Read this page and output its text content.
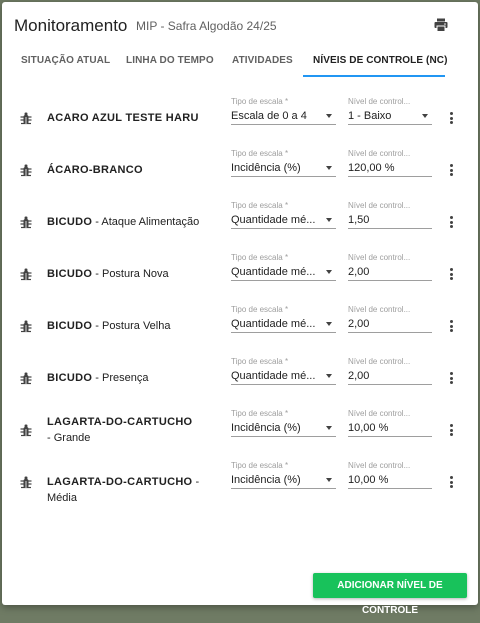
Monitoramento MIP - Safra Algodão 24/25
SITUAÇÃO ATUAL LINHA DO TEMPO ATIVIDADES NÍVEIS DE CONTROLE (NC)
ACARO AZUL TESTE HARU
Tipo de escala *
Escala de 0 a 4
Nível de control...
1 - Baixo
ÁCARO-BRANCO
Tipo de escala *
Incidência (%)
Nível de control...
120,00 %
BICUDO - Ataque Alimentação
Tipo de escala *
Quantidade mé...
Nível de control...
1,50
BICUDO - Postura Nova
Tipo de escala *
Quantidade mé...
Nível de control...
2,00
BICUDO - Postura Velha
Tipo de escala *
Quantidade mé...
Nível de control...
2,00
BICUDO - Presença
Tipo de escala *
Quantidade mé...
Nível de control...
2,00
LAGARTA-DO-CARTUCHO - Grande
Tipo de escala *
Incidência (%)
Nível de control...
10,00 %
LAGARTA-DO-CARTUCHO - Média
Tipo de escala *
Incidência (%)
Nível de control...
10,00 %
ADICIONAR NÍVEL DE CONTROLE
